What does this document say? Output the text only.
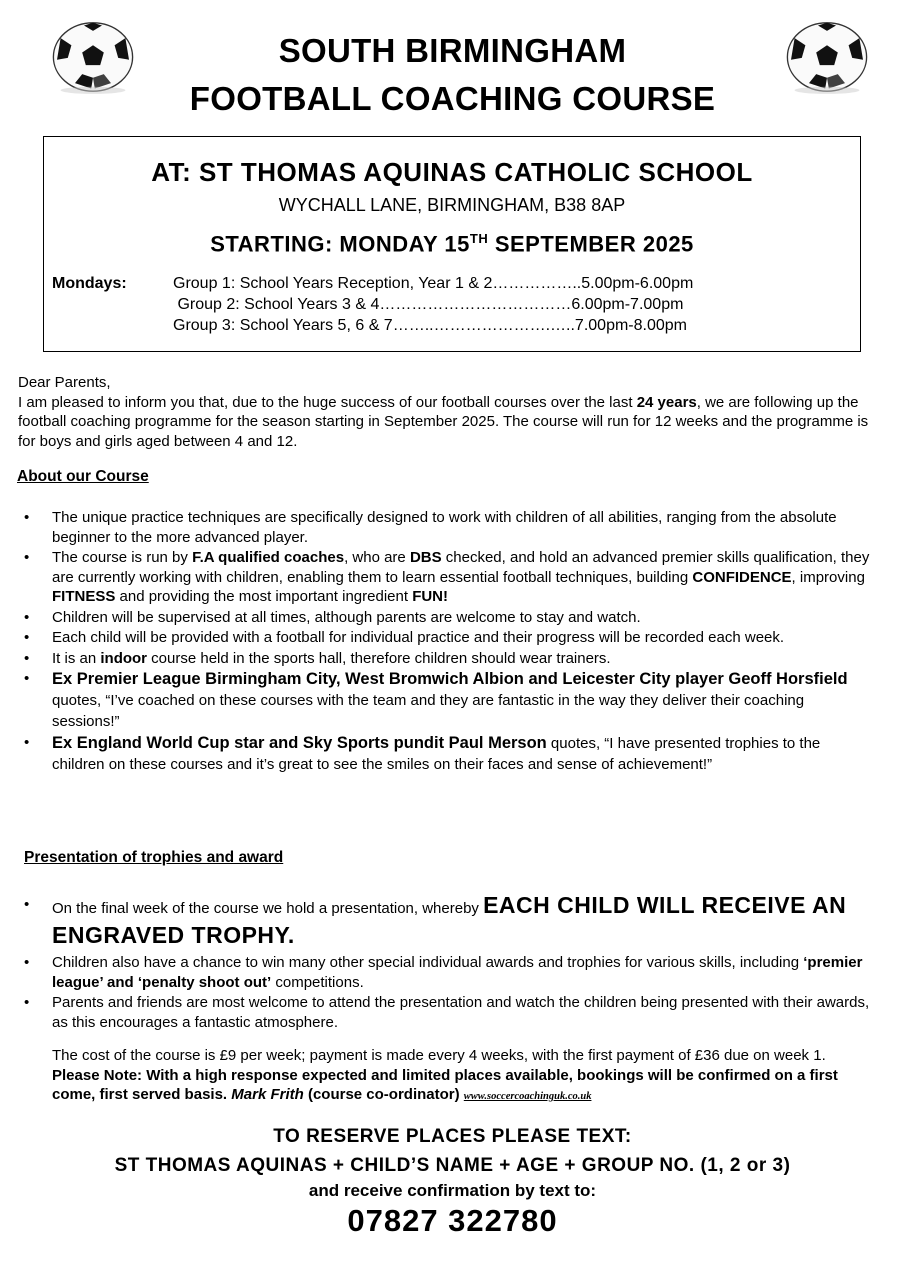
SOUTH BIRMINGHAM
FOOTBALL COACHING COURSE
AT: ST THOMAS AQUINAS CATHOLIC SCHOOL
WYCHALL LANE, BIRMINGHAM, B38 8AP
STARTING: MONDAY 15TH SEPTEMBER 2025
Mondays:	Group 1: School Years Reception, Year 1 & 2……………..5.00pm-6.00pm
Group 2: School Years 3 & 4………………………………6.00pm-7.00pm
Group 3: School Years 5, 6 & 7……..………………….…..7.00pm-8.00pm
Dear Parents,
I am pleased to inform you that, due to the huge success of our football courses over the last 24 years, we are following up the football coaching programme for the season starting in September 2025. The course will run for 12 weeks and the programme is for boys and girls aged between 4 and 12.
About our Course
• The unique practice techniques are specifically designed to work with children of all abilities, ranging from the absolute beginner to the more advanced player.
• The course is run by F.A qualified coaches, who are DBS checked, and hold an advanced premier skills qualification, they are currently working with children, enabling them to learn essential football techniques, building CONFIDENCE, improving FITNESS and providing the most important ingredient FUN!
• Children will be supervised at all times, although parents are welcome to stay and watch.
• Each child will be provided with a football for individual practice and their progress will be recorded each week.
• It is an indoor course held in the sports hall, therefore children should wear trainers.
• Ex Premier League Birmingham City, West Bromwich Albion and Leicester City player Geoff Horsfield quotes, “I’ve coached on these courses with the team and they are fantastic in the way they deliver their coaching sessions!”
• Ex England World Cup star and Sky Sports pundit Paul Merson quotes, “I have presented trophies to the children on these courses and it’s great to see the smiles on their faces and sense of achievement!”
Presentation of trophies and award
• On the final week of the course we hold a presentation, whereby EACH CHILD WILL RECEIVE AN ENGRAVED TROPHY.
• Children also have a chance to win many other special individual awards and trophies for various skills, including ‘premier league’ and ‘penalty shoot out’ competitions.
• Parents and friends are most welcome to attend the presentation and watch the children being presented with their awards, as this encourages a fantastic atmosphere.
The cost of the course is £9 per week; payment is made every 4 weeks, with the first payment of £36 due on week 1. Please Note: With a high response expected and limited places available, bookings will be confirmed on a first come, first served basis. Mark Frith (course co-ordinator) www.soccercoachinguk.co.uk
TO RESERVE PLACES PLEASE TEXT:
ST THOMAS AQUINAS + CHILD’S NAME + AGE + GROUP NO. (1, 2 or 3)
and receive confirmation by text to:
07827 322780
